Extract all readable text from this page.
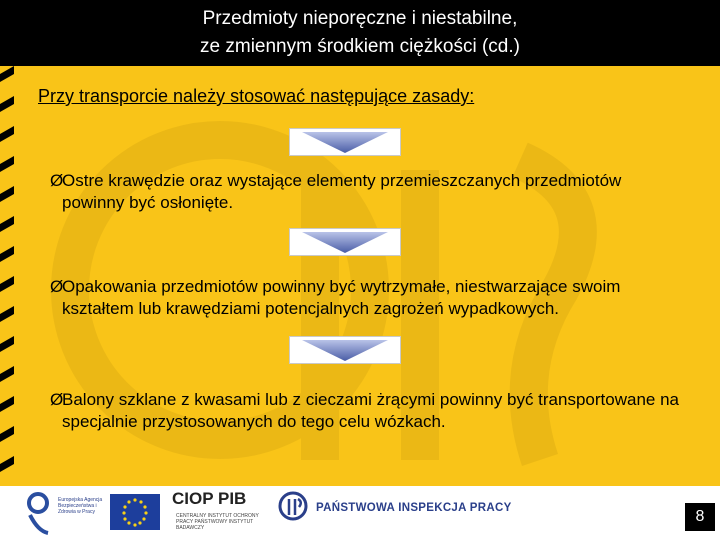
Przedmioty nieporęczne i niestabilne,
ze zmiennym środkiem ciężkości (cd.)
Przy transporcie należy stosować następujące zasady:
Ø
Ostre krawędzie oraz wystające elementy przemieszczanych przedmiotów powinny być osłonięte.
Ø
Opakowania przedmiotów powinny być wytrzymałe, niestwarzające swoim kształtem lub krawędziami potencjalnych zagrożeń wypadkowych.
Ø
Balony szklane z kwasami lub z cieczami żrącymi powinny być transportowane na specjalnie przystosowanych do tego celu wózkach.
Europejska Agencja Bezpieczeństwa i Zdrowia w Pracy
CIOP PIB
CENTRALNY INSTYTUT OCHRONY PRACY PAŃSTWOWY INSTYTUT BADAWCZY
PAŃSTWOWA INSPEKCJA PRACY	8
